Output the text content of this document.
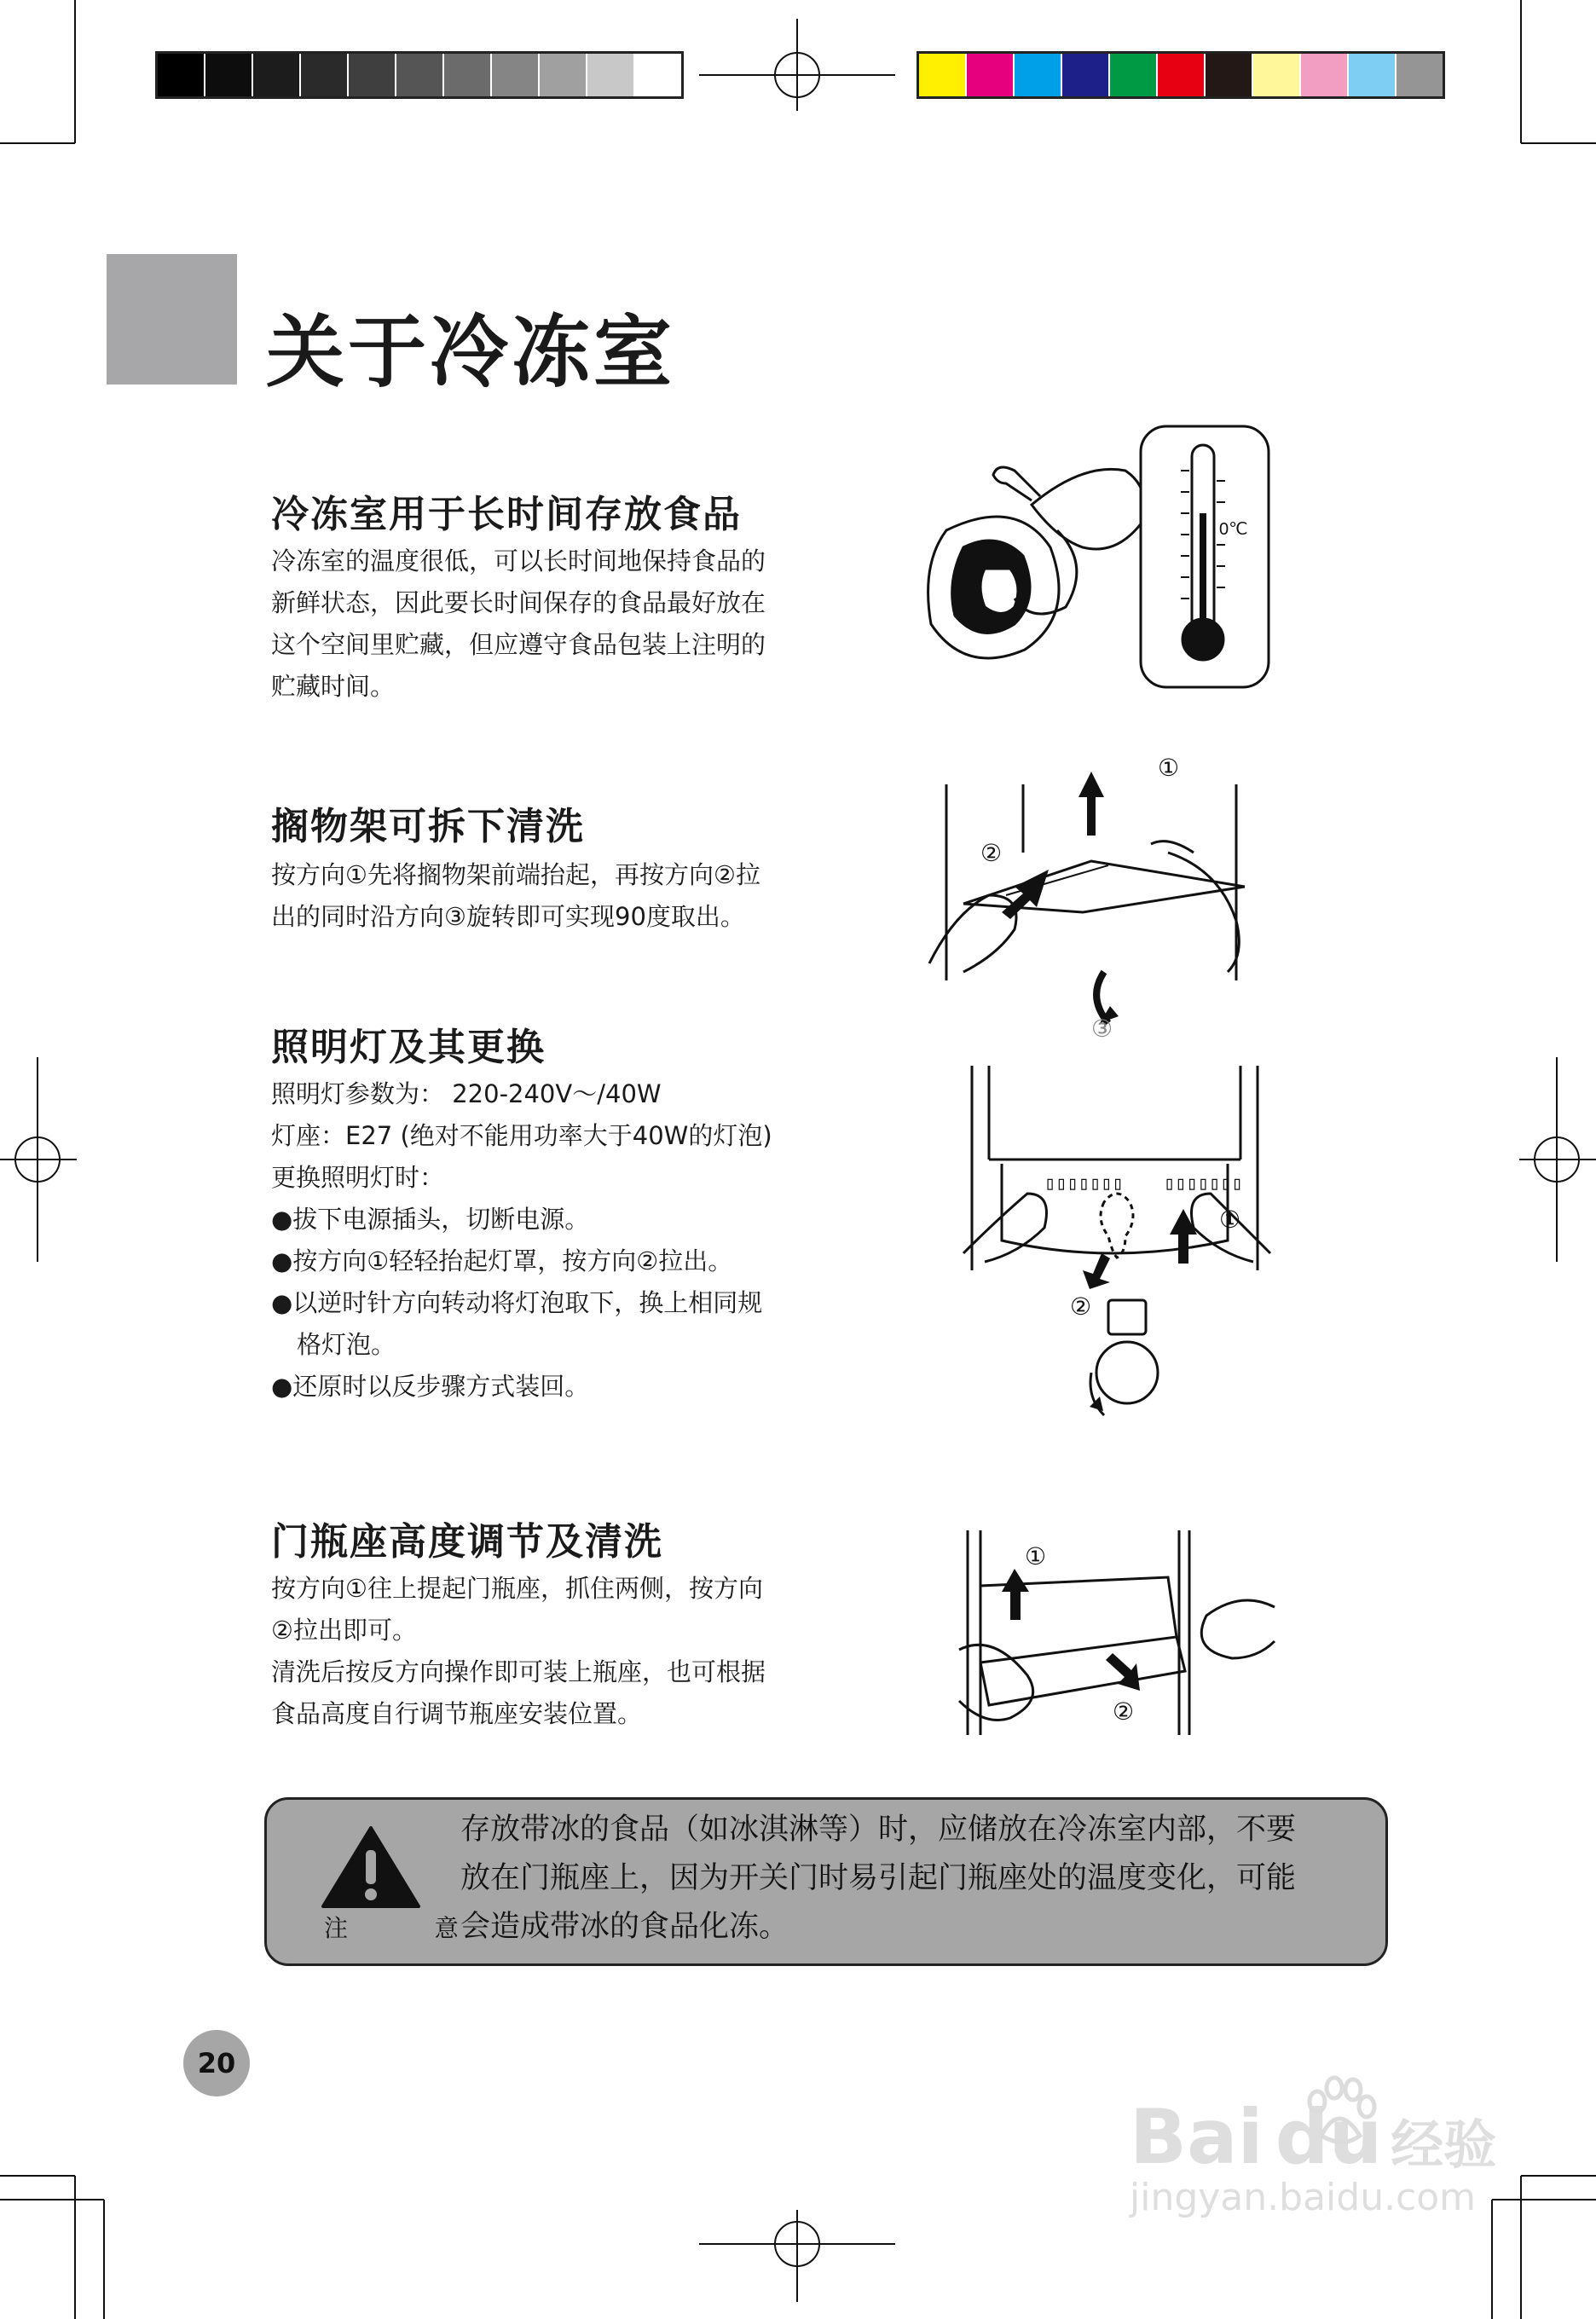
关于冷冻室
冷冻室用于长时间存放食品
冷冻室的温度很低，可以长时间地保持食品的
新鲜状态，因此要长时间保存的食品最好放在
这个空间里贮藏，但应遵守食品包装上注明的
贮藏时间。
0℃
搁物架可拆下清洗
按方向①先将搁物架前端抬起，再按方向②拉
出的同时沿方向③旋转即可实现90度取出。
①
②
③
照明灯及其更换
照明灯参数为： 220-240V～/40W
灯座：E27 (绝对不能用功率大于40W的灯泡)
更换照明灯时：
●拔下电源插头，切断电源。
●按方向①轻轻抬起灯罩，按方向②拉出。
●以逆时针方向转动将灯泡取下，换上相同规
格灯泡。
●还原时以反步骤方式装回。
▯▯▯▯▯▯▯ ▯▯▯▯▯▯▯
①
②
门瓶座高度调节及清洗
按方向①往上提起门瓶座，抓住两侧，按方向
②拉出即可。
清洗后按反方向操作即可装上瓶座，也可根据
食品高度自行调节瓶座安装位置。
①
②
注  意
存放带冰的食品（如冰淇淋等）时，应储放在冷冻室内部，不要
放在门瓶座上，因为开关门时易引起门瓶座处的温度变化，可能
会造成带冰的食品化冻。
20
Bai du 经验
jingyan.baidu.com
